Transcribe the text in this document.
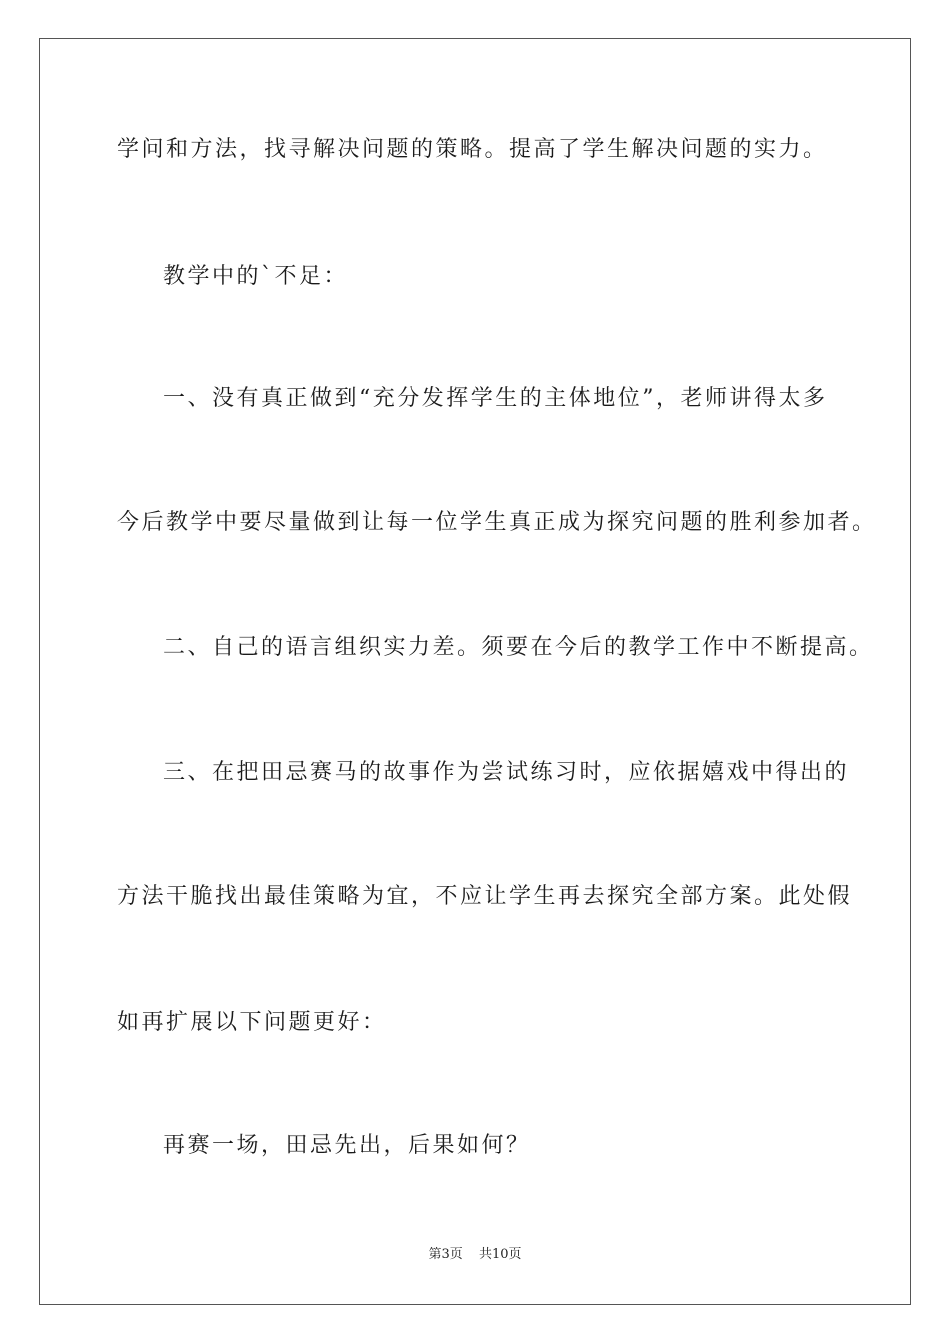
学问和方法，找寻解决问题的策略。提高了学生解决问题的实力。
教学中的`不足：
一、没有真正做到“充分发挥学生的主体地位”，老师讲得太多
今后教学中要尽量做到让每一位学生真正成为探究问题的胜利参加者。
二、自己的语言组织实力差。须要在今后的教学工作中不断提高。
三、在把田忌赛马的故事作为尝试练习时，应依据嬉戏中得出的
方法干脆找出最佳策略为宜，不应让学生再去探究全部方案。此处假
如再扩展以下问题更好：
再赛一场，田忌先出，后果如何？
第3页 共10页
